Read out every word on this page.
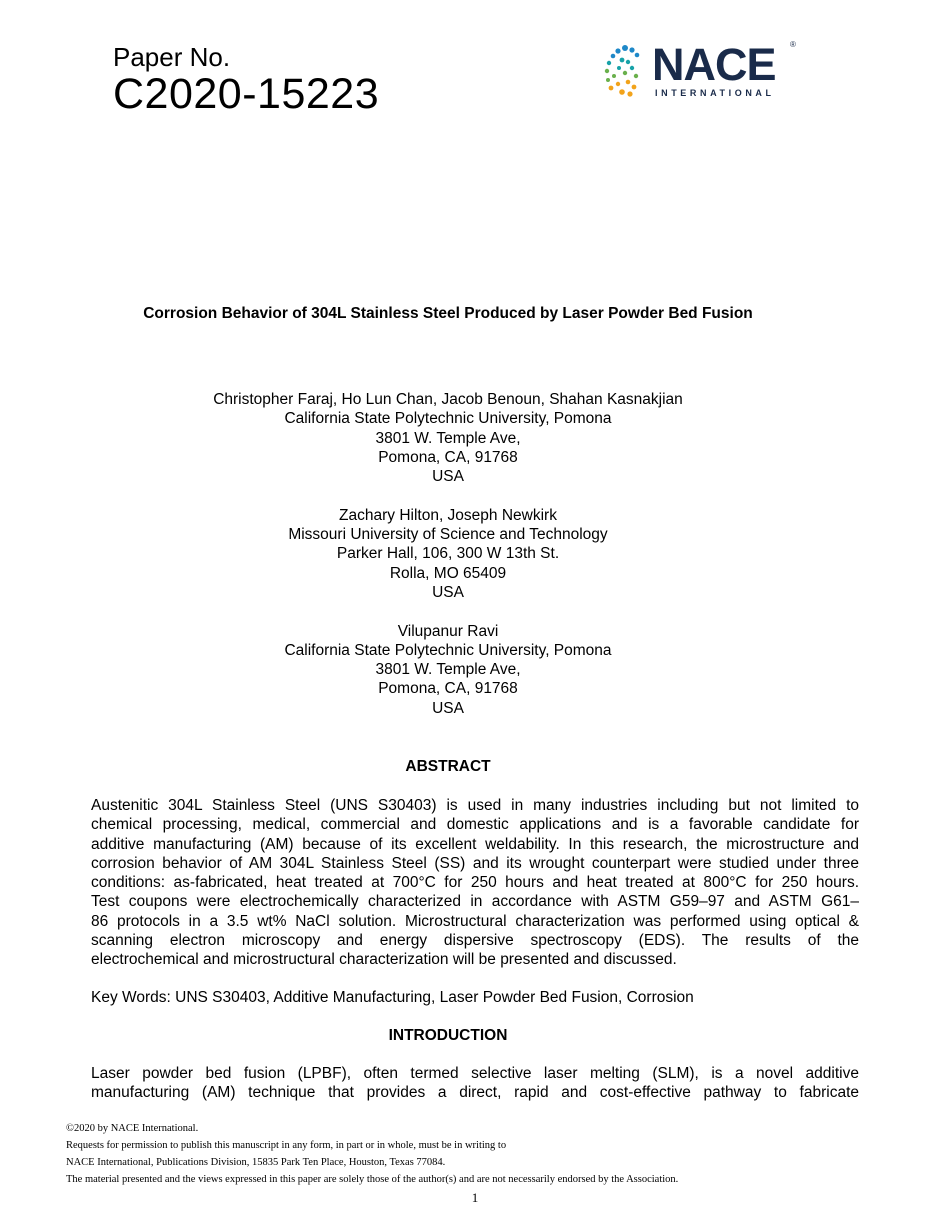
Paper No.
C2020-15223
NACE ®
INTERNATIONAL
Corrosion Behavior of 304L Stainless Steel Produced by Laser Powder Bed Fusion
Christopher Faraj, Ho Lun Chan, Jacob Benoun, Shahan Kasnakjian
California State Polytechnic University, Pomona
3801 W. Temple Ave,
Pomona, CA, 91768
USA
Zachary Hilton, Joseph Newkirk
Missouri University of Science and Technology
Parker Hall, 106, 300 W 13th St.
Rolla, MO 65409
USA
Vilupanur Ravi
California State Polytechnic University, Pomona
3801 W. Temple Ave,
Pomona, CA, 91768
USA
ABSTRACT
Austenitic 304L Stainless Steel (UNS S30403) is used in many industries including but not limited to
chemical processing, medical, commercial and domestic applications and is a favorable candidate for
additive manufacturing (AM) because of its excellent weldability. In this research, the microstructure and
corrosion behavior of AM 304L Stainless Steel (SS) and its wrought counterpart were studied under three
conditions: as-fabricated, heat treated at 700°C for 250 hours and heat treated at 800°C for 250 hours.
Test coupons were electrochemically characterized in accordance with ASTM G59–97 and ASTM G61–
86 protocols in a 3.5 wt% NaCl solution. Microstructural characterization was performed using optical &
scanning electron microscopy and energy dispersive spectroscopy (EDS). The results of the
electrochemical and microstructural characterization will be presented and discussed.
Key Words: UNS S30403, Additive Manufacturing, Laser Powder Bed Fusion, Corrosion
INTRODUCTION
Laser powder bed fusion (LPBF), often termed selective laser melting (SLM), is a novel additive
manufacturing (AM) technique that provides a direct, rapid and cost-effective pathway to fabricate
©2020 by NACE International.
Requests for permission to publish this manuscript in any form, in part or in whole, must be in writing to
NACE International, Publications Division, 15835 Park Ten Place, Houston, Texas 77084.
The material presented and the views expressed in this paper are solely those of the author(s) and are not necessarily endorsed by the Association.
1
